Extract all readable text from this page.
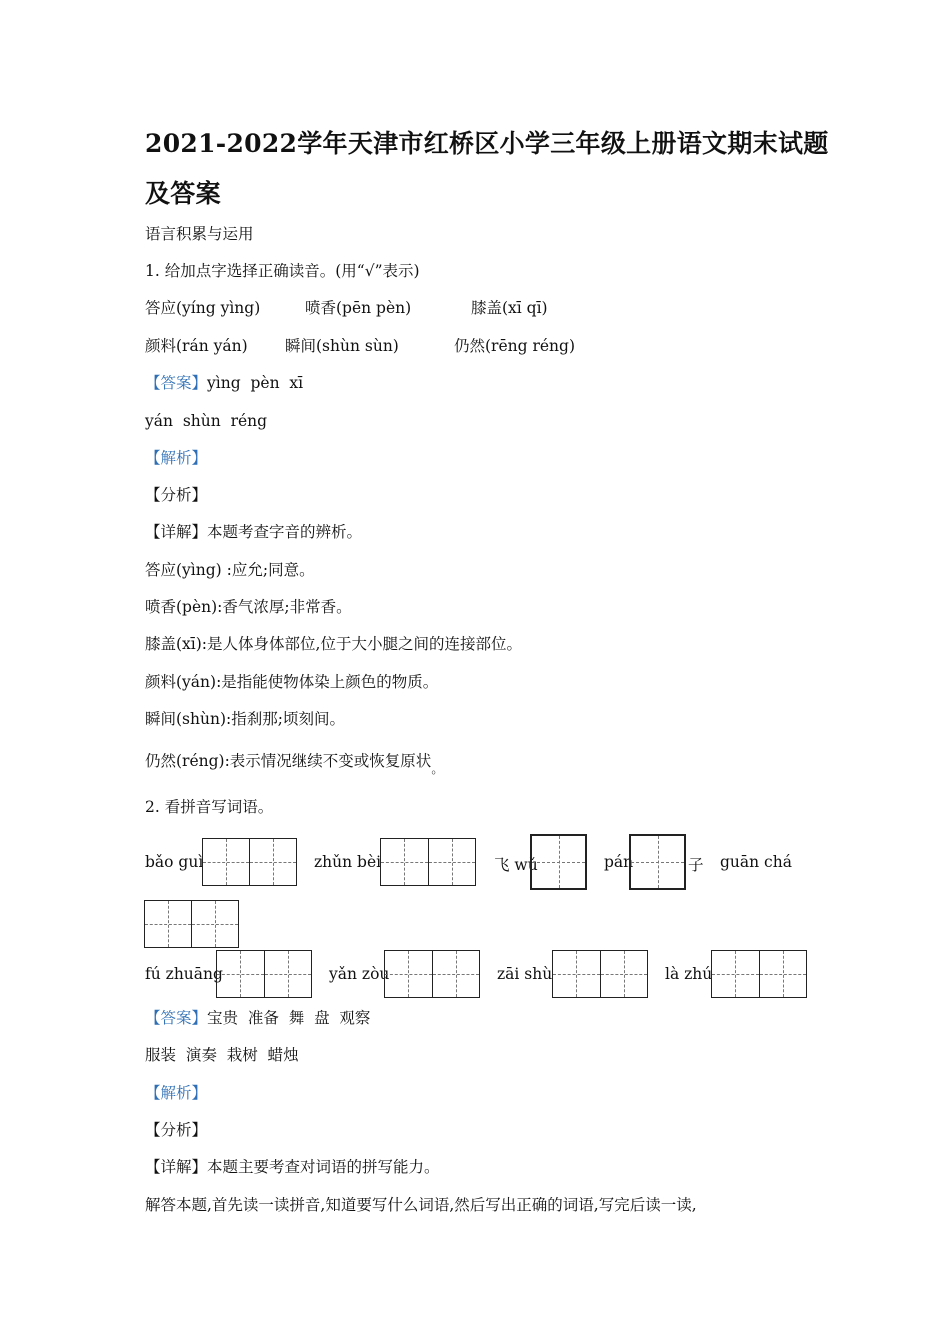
2021-2022学年天津市红桥区小学三年级上册语文期末试题
及答案
语言积累与运用
1. 给加点字选择正确读音。(用“√”表示)
答应(yíng yìng)	喷香(pēn pèn)	膝盖(xī qī)
颜料(rán yán) 瞬间(shùn sùn)	仍然(rēng réng)
【答案】yìng  pèn  xī
yán  shùn  réng
【解析】
【分析】
【详解】本题考查字音的辨析。
答应(yìng) :应允;同意。
喷香(pèn):香气浓厚;非常香。
膝盖(xī):是人体身体部位,位于大小腿之间的连接部位。
颜料(yán):是指能使物体染上颜色的物质。
瞬间(shùn):指刹那;顷刻间。
仍然(réng):表示情况继续不变或恢复原状$_。$
2. 看拼音写词语。
bǎo guì	zhǔn bèi	飞 wǔ	pán	子 guān chá
fú zhuāng	yǎn zòu	zāi shù	là zhú
【答案】宝贵  准备  舞  盘  观察
服装  演奏  栽树  蜡烛
【解析】
【分析】
【详解】本题主要考查对词语的拼写能力。
解答本题,首先读一读拼音,知道要写什么词语,然后写出正确的词语,写完后读一读,
